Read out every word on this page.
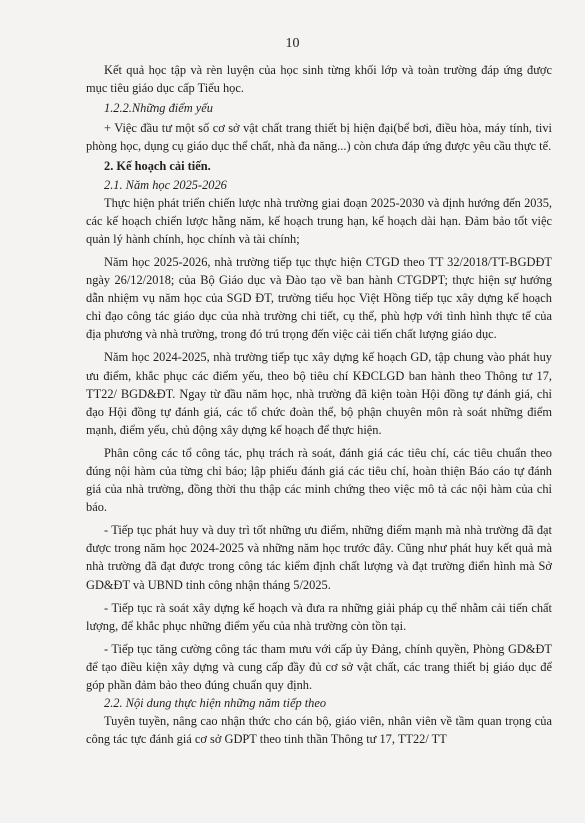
10

Kết quả học tập và rèn luyện của học sinh từng khối lớp và toàn trường đáp ứng được mục tiêu giáo dục cấp Tiểu học.

1.2.2.Những điểm yếu

+ Việc đầu tư một số cơ sở vật chất trang thiết bị hiện đại(bể bơi, điều hòa, máy tính, tivi phòng học, dụng cụ giáo dục thể chất, nhà đa năng...) còn chưa đáp ứng được yêu cầu thực tế.

2. Kế hoạch cải tiến.

2.1. Năm học 2025-2026

Thực hiện phát triển chiến lược nhà trường giai đoạn 2025-2030 và định hướng đến 2035, các kế hoạch chiến lược hằng năm, kế hoạch trung hạn, kế hoạch dài hạn. Đảm bảo tốt việc quản lý hành chính, học chính và tài chính;

Năm học 2025-2026, nhà trường tiếp tục thực hiện CTGD theo TT 32/2018/TT-BGDĐT ngày 26/12/2018; của Bộ Giáo dục và Đào tạo về ban hành CTGDPT; thực hiện sự hướng dẫn nhiệm vụ năm học của SGD ĐT, trường tiểu học Việt Hồng tiếp tục xây dựng kế hoạch chỉ đạo công tác giáo dục của nhà trường chi tiết, cụ thể, phù hợp với tình hình thực tế của địa phương và nhà trường, trong đó trú trọng đến việc cải tiến chất lượng giáo dục.

Năm học 2024-2025, nhà trường tiếp tục xây dựng kế hoạch GD, tập chung vào phát huy ưu điểm, khắc phục các điểm yếu, theo bộ tiêu chí KĐCLGD ban hành theo Thông tư 17, TT22/ BGD&ĐT. Ngay từ đầu năm học, nhà trường đã kiện toàn Hội đồng tự đánh giá, chỉ đạo Hội đồng tự đánh giá, các tổ chức đoàn thể, bộ phận chuyên môn rà soát những điểm mạnh, điểm yếu, chủ động xây dựng kế hoạch để thực hiện.

Phân công các tổ công tác, phụ trách rà soát, đánh giá các tiêu chí, các tiêu chuẩn theo đúng nội hàm của từng chỉ báo; lập phiếu đánh giá các tiêu chí, hoàn thiện Báo cáo tự đánh giá của nhà trường, đồng thời thu thập các minh chứng theo việc mô tả các nội hàm của chỉ báo.

- Tiếp tục phát huy và duy trì tốt những ưu điểm, những điểm mạnh mà nhà trường đã đạt được trong năm học 2024-2025 và những năm học trước đây. Cũng như phát huy kết quả mà nhà trường đã đạt được trong công tác kiểm định chất lượng và đạt trường điển hình mà Sở GD&ĐT và UBND tỉnh công nhận tháng 5/2025.

- Tiếp tục rà soát xây dựng kế hoạch và đưa ra những giải pháp cụ thể nhằm cải tiến chất lượng, để khắc phục những điểm yếu của nhà trường còn tồn tại.

- Tiếp tục tăng cường công tác tham mưu với cấp ủy Đảng, chính quyền, Phòng GD&ĐT để tạo điều kiện xây dựng và cung cấp đầy đủ cơ sở vật chất, các trang thiết bị giáo dục để góp phần đảm bảo theo đúng chuẩn quy định.

2.2. Nội dung thực hiện những năm tiếp theo

Tuyên tuyền, nâng cao nhận thức cho cán bộ, giáo viên, nhân viên về tầm quan trọng của công tác tực đánh giá cơ sở GDPT theo tinh thần Thông tư 17, TT22/ TT
